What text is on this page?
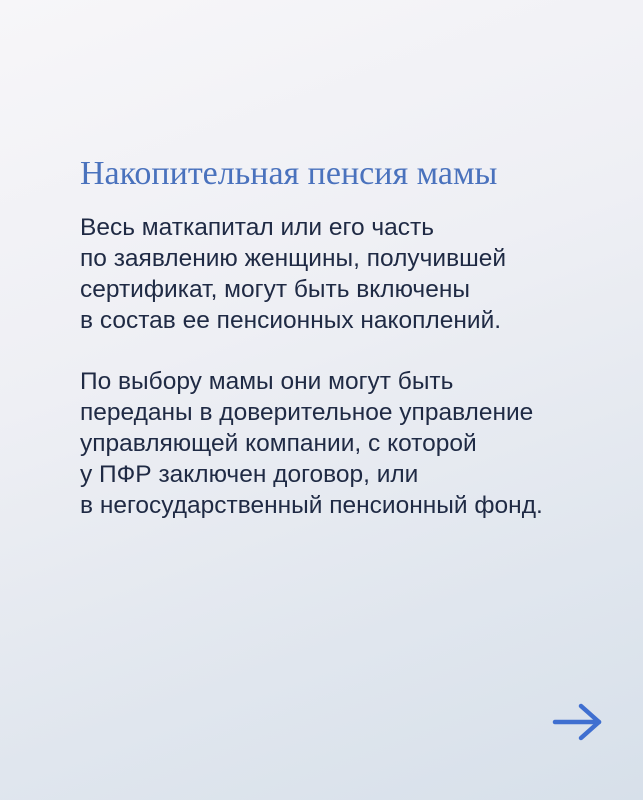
Накопительная пенсия мамы

Весь маткапитал или его часть
по заявлению женщины, получившей
сертификат, могут быть включены
в состав ее пенсионных накоплений.

По выбору мамы они могут быть
переданы в доверительное управление
управляющей компании, с которой
у ПФР заключен договор, или
в негосударственный пенсионный фонд.
